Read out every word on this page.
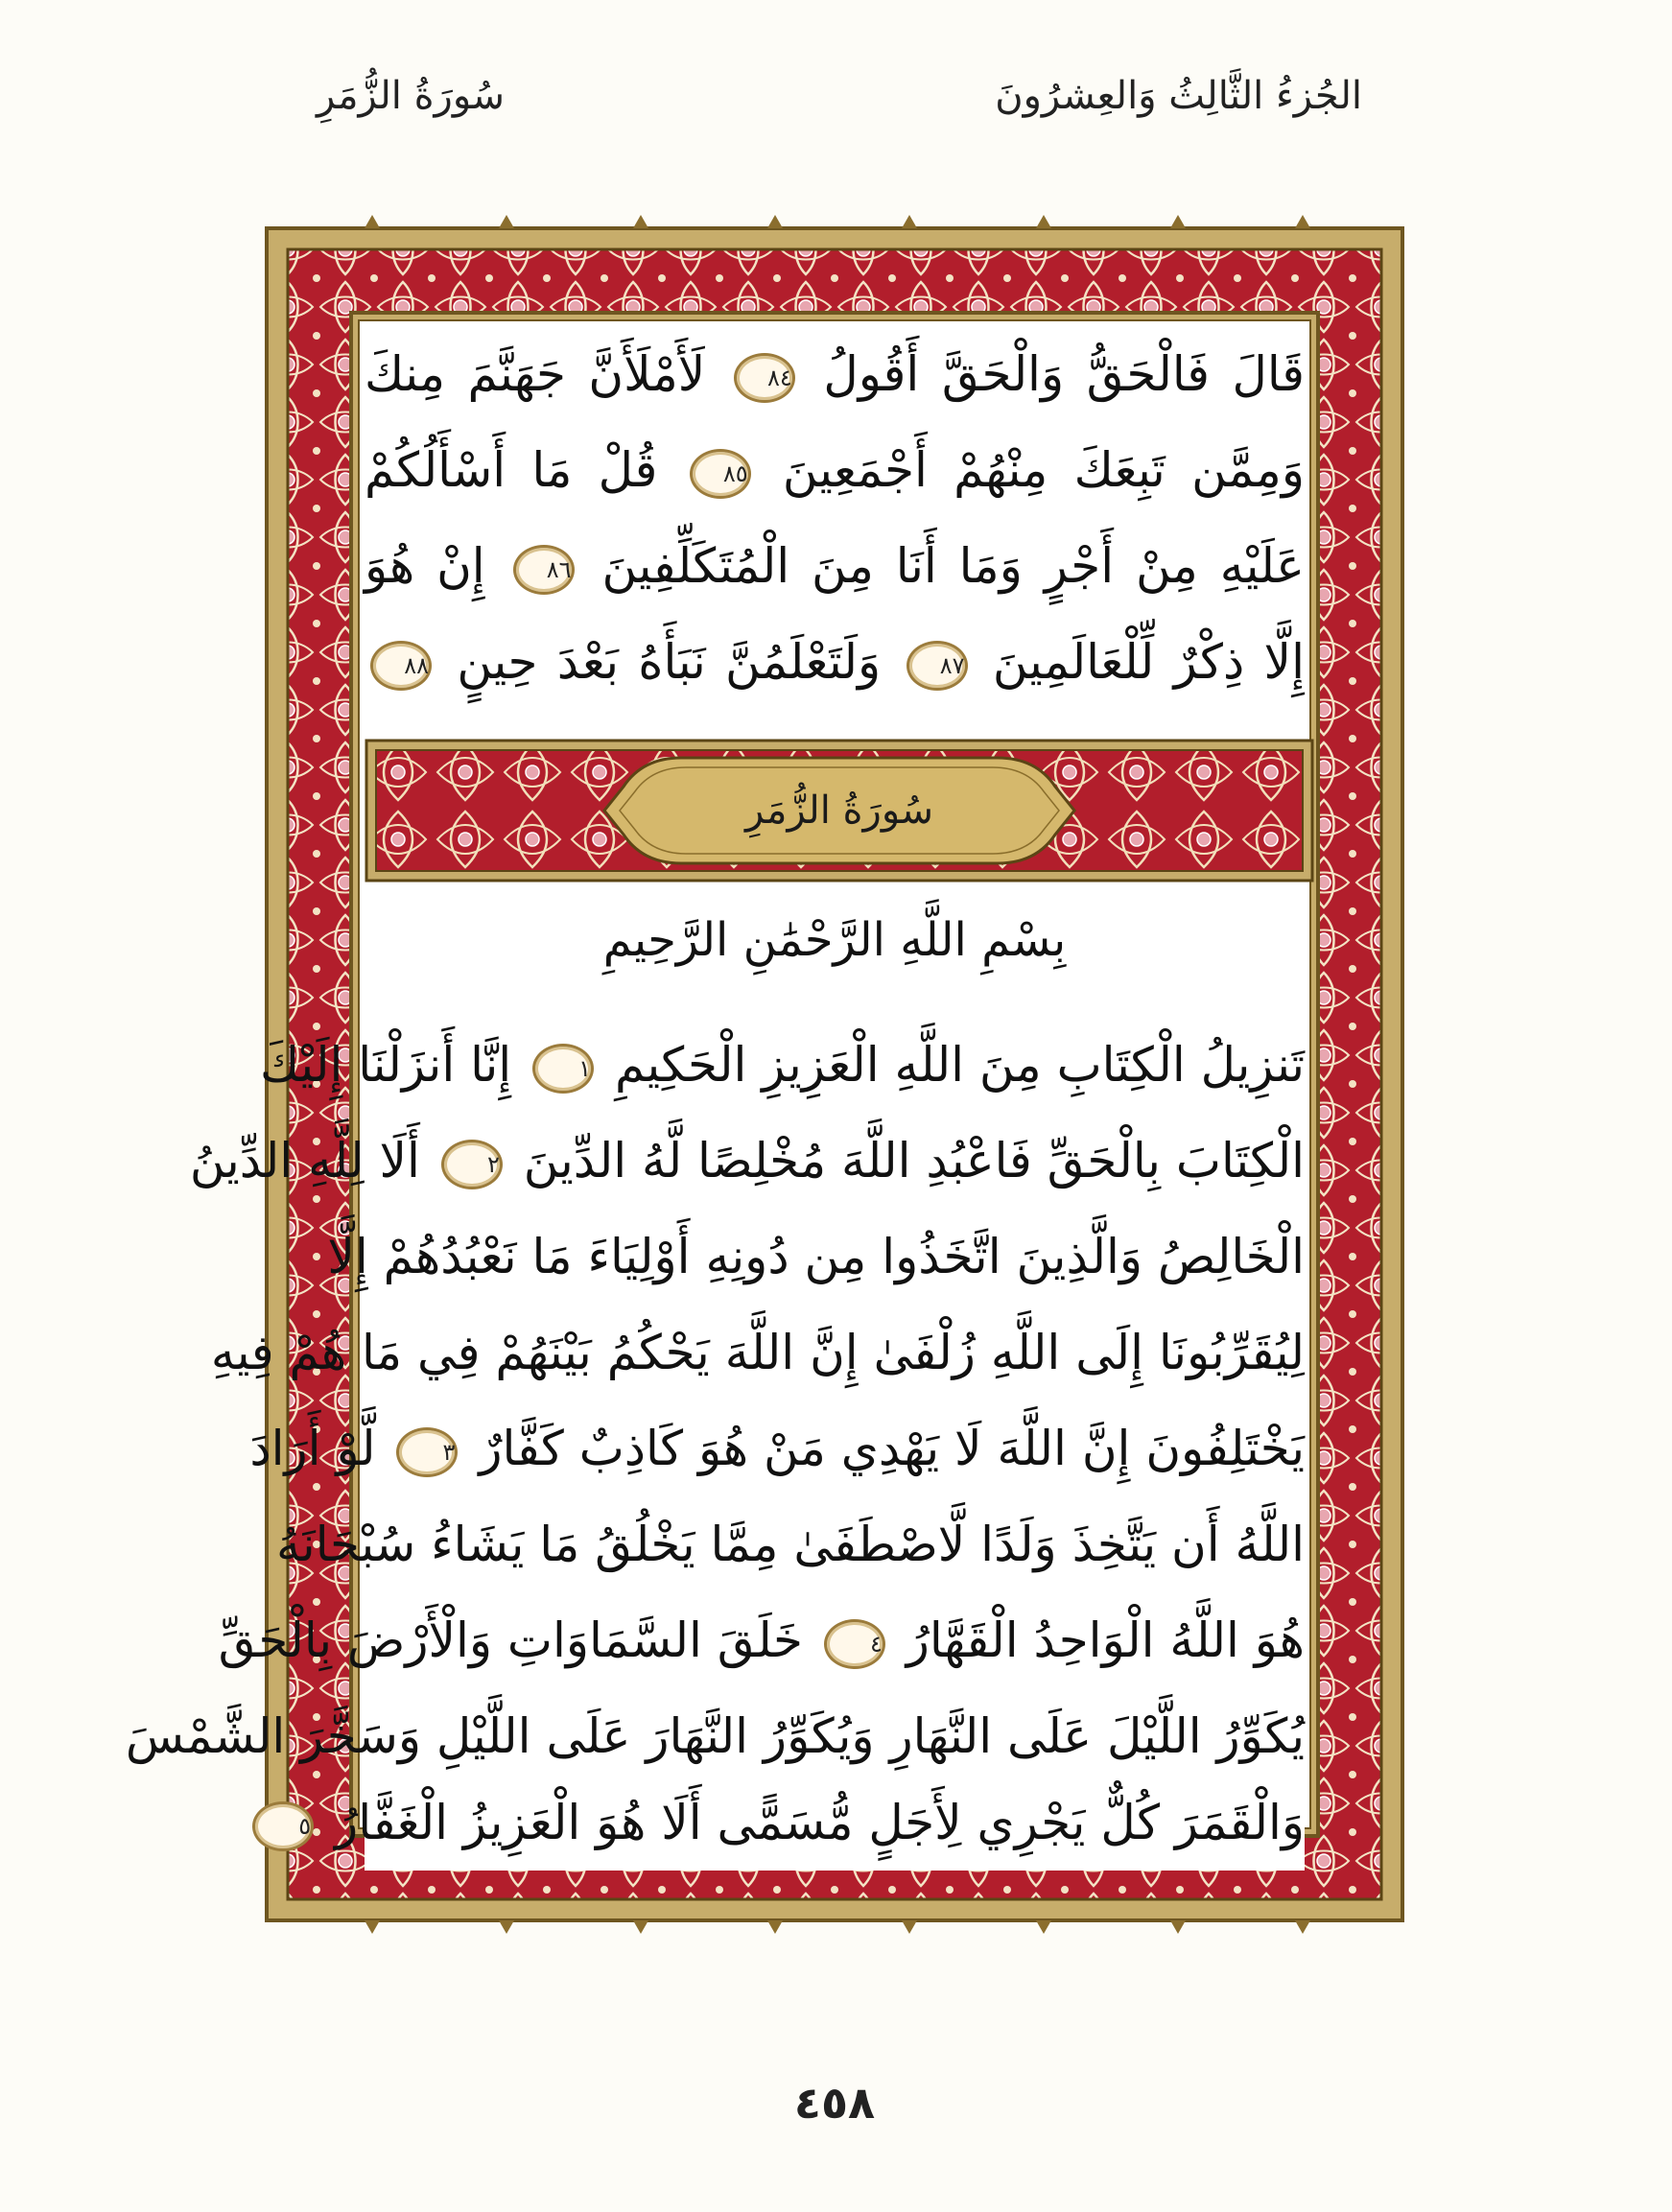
سُورَةُ الزُّمَرِ	الجُزءُ الثَّالِثُ وَالعِشرُونَ
قَالَ فَالْحَقُّ وَالْحَقَّ أَقُولُ ٨٤ لَأَمْلَأَنَّ جَهَنَّمَ مِنكَ
وَمِمَّن تَبِعَكَ مِنْهُمْ أَجْمَعِينَ ٨٥ قُلْ مَا أَسْأَلُكُمْ
عَلَيْهِ مِنْ أَجْرٍ وَمَا أَنَا مِنَ الْمُتَكَلِّفِينَ ٨٦ إِنْ هُوَ
إِلَّا ذِكْرٌ لِّلْعَالَمِينَ ٨٧ وَلَتَعْلَمُنَّ نَبَأَهُ بَعْدَ حِينٍ ٨٨
تَنزِيلُ الْكِتَابِ مِنَ اللَّهِ الْعَزِيزِ الْحَكِيمِ ١ إِنَّا أَنزَلْنَا إِلَيْكَ
الْكِتَابَ بِالْحَقِّ فَاعْبُدِ اللَّهَ مُخْلِصًا لَّهُ الدِّينَ ٢ أَلَا لِلَّهِ الدِّينُ
الْخَالِصُ وَالَّذِينَ اتَّخَذُوا مِن دُونِهِ أَوْلِيَاءَ مَا نَعْبُدُهُمْ إِلَّا
لِيُقَرِّبُونَا إِلَى اللَّهِ زُلْفَىٰ إِنَّ اللَّهَ يَحْكُمُ بَيْنَهُمْ فِي مَا هُمْ فِيهِ
يَخْتَلِفُونَ إِنَّ اللَّهَ لَا يَهْدِي مَنْ هُوَ كَاذِبٌ كَفَّارٌ ٣ لَّوْ أَرَادَ
اللَّهُ أَن يَتَّخِذَ وَلَدًا لَّاصْطَفَىٰ مِمَّا يَخْلُقُ مَا يَشَاءُ سُبْحَانَهُ
هُوَ اللَّهُ الْوَاحِدُ الْقَهَّارُ ٤ خَلَقَ السَّمَاوَاتِ وَالْأَرْضَ بِالْحَقِّ
يُكَوِّرُ اللَّيْلَ عَلَى النَّهَارِ وَيُكَوِّرُ النَّهَارَ عَلَى اللَّيْلِ وَسَخَّرَ الشَّمْسَ
وَالْقَمَرَ كُلٌّ يَجْرِي لِأَجَلٍ مُّسَمًّى أَلَا هُوَ الْعَزِيزُ الْغَفَّارُ ٥
سُورَةُ الزُّمَرِ
بِسْمِ اللَّهِ الرَّحْمَٰنِ الرَّحِيمِ
٤٥٨
